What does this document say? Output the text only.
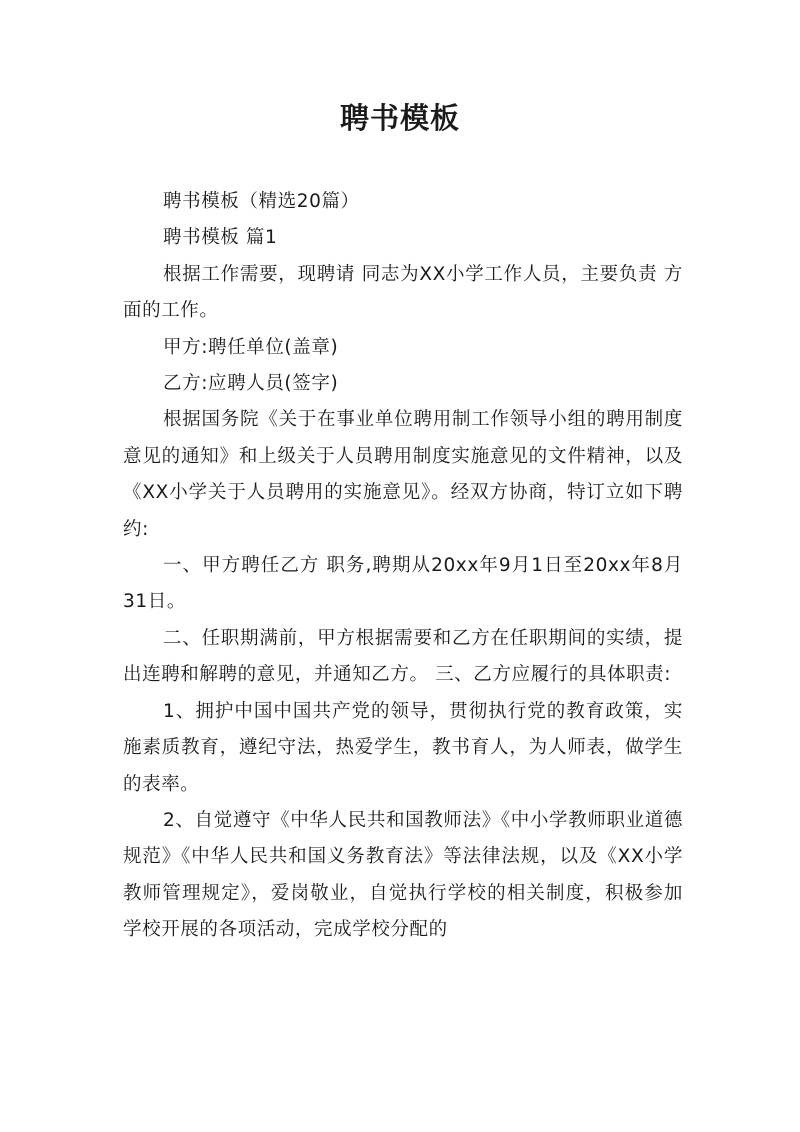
聘书模板

聘书模板（精选20篇）

聘书模板 篇1

根据工作需要，现聘请 同志为XX小学工作人员，主要负责 方面的工作。

甲方:聘任单位(盖章)

乙方:应聘人员(签字)

根据国务院《关于在事业单位聘用制工作领导小组的聘用制度意见的通知》和上级关于人员聘用制度实施意见的文件精神，以及《XX小学关于人员聘用的实施意见》。经双方协商，特订立如下聘约:

一、甲方聘任乙方 职务,聘期从20xx年9月1日至20xx年8月31日。

二、任职期满前，甲方根据需要和乙方在任职期间的实绩，提出连聘和解聘的意见，并通知乙方。 三、乙方应履行的具体职责:

1、拥护中国中国共产党的领导，贯彻执行党的教育政策，实施素质教育，遵纪守法，热爱学生，教书育人，为人师表，做学生的表率。

2、自觉遵守《中华人民共和国教师法》《中小学教师职业道德规范》《中华人民共和国义务教育法》等法律法规，以及《XX小学教师管理规定》，爱岗敬业，自觉执行学校的相关制度，积极参加学校开展的各项活动，完成学校分配的
